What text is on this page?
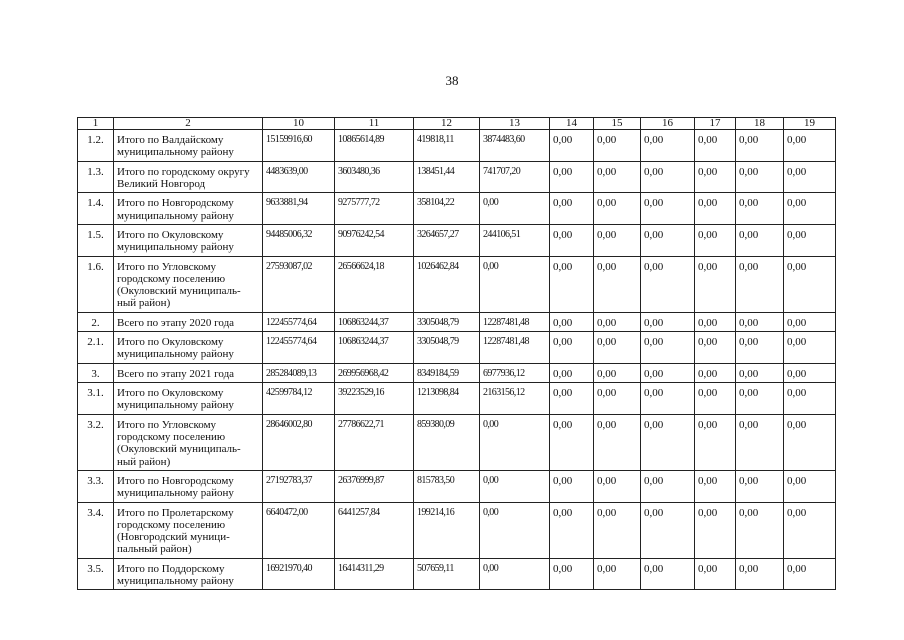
38
1	2	10	11	12	13	14	15	16	17	18	19
1.2.	Итого по Валдайскому муниципальному району	15159916,60	10865614,89	419818,11	3874483,60	0,00	0,00	0,00	0,00	0,00	0,00
1.3.	Итого по городскому округу Великий Новгород	4483639,00	3603480,36	138451,44	741707,20	0,00	0,00	0,00	0,00	0,00	0,00
1.4.	Итого по Новгородскому муниципальному району	9633881,94	9275777,72	358104,22	0,00	0,00	0,00	0,00	0,00	0,00	0,00
1.5.	Итого по Окуловскому муниципальному району	94485006,32	90976242,54	3264657,27	244106,51	0,00	0,00	0,00	0,00	0,00	0,00
1.6.	Итого по Угловскому городскому поселению (Окуловский муниципаль-ный район)	27593087,02	26566624,18	1026462,84	0,00	0,00	0,00	0,00	0,00	0,00	0,00
2.	Всего по этапу 2020 года	122455774,64	106863244,37	3305048,79	12287481,48	0,00	0,00	0,00	0,00	0,00	0,00
2.1.	Итого по Окуловскому муниципальному району	122455774,64	106863244,37	3305048,79	12287481,48	0,00	0,00	0,00	0,00	0,00	0,00
3.	Всего по этапу 2021 года	285284089,13	269956968,42	8349184,59	6977936,12	0,00	0,00	0,00	0,00	0,00	0,00
3.1.	Итого по Окуловскому муниципальному району	42599784,12	39223529,16	1213098,84	2163156,12	0,00	0,00	0,00	0,00	0,00	0,00
3.2.	Итого по Угловскому городскому поселению (Окуловский муниципаль-ный район)	28646002,80	27786622,71	859380,09	0,00	0,00	0,00	0,00	0,00	0,00	0,00
3.3.	Итого по Новгородскому муниципальному району	27192783,37	26376999,87	815783,50	0,00	0,00	0,00	0,00	0,00	0,00	0,00
3.4.	Итого по Пролетарскому городскому поселению (Новгородский муници-пальный район)	6640472,00	6441257,84	199214,16	0,00	0,00	0,00	0,00	0,00	0,00	0,00
3.5.	Итого по Поддорскому муниципальному району	16921970,40	16414311,29	507659,11	0,00	0,00	0,00	0,00	0,00	0,00	0,00
